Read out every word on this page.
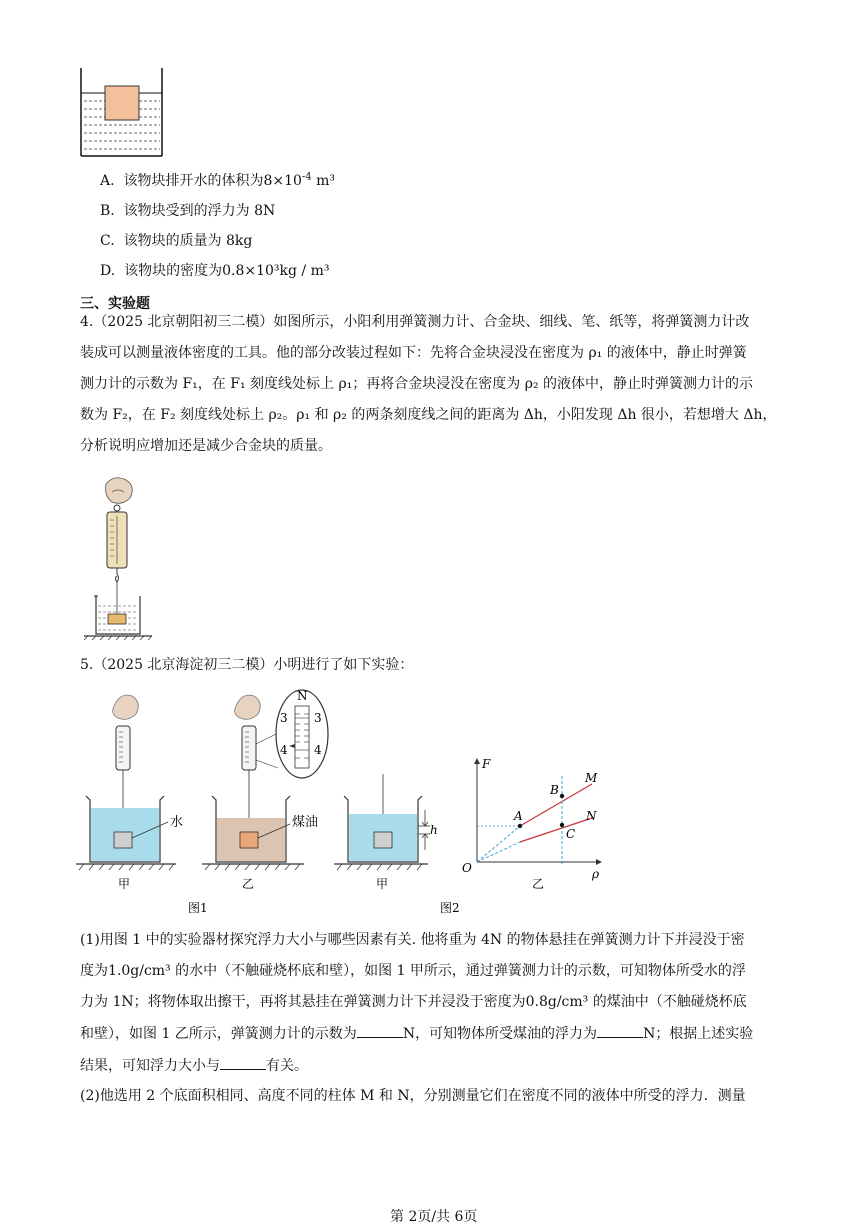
A. 该物块排开水的体积为$8\times 10^{-4}$ m³
B. 该物块受到的浮力为 8N
C. 该物块的质量为 8kg
D. 该物块的密度为0.8×10³kg / m³
三、实验题
4.（2025 北京朝阳初三二模）如图所示，小阳利用弹簧测力计、合金块、细线、笔、纸等，将弹簧测力计改
装成可以测量液体密度的工具。他的部分改装过程如下：先将合金块浸没在密度为 ρ₁ 的液体中，静止时弹簧
测力计的示数为 F₁，在 F₁ 刻度线处标上 ρ₁；再将合金块浸没在密度为 ρ₂ 的液体中，静止时弹簧测力计的示
数为 F₂，在 F₂ 刻度线处标上 ρ₂。ρ₁ 和 ρ₂ 的两条刻度线之间的距离为 Δh，小阳发现 Δh 很小，若想增大 Δh，
分析说明应增加还是减少合金块的质量。
5.（2025 北京海淀初三二模）小明进行了如下实验：
水
甲
N
3 3
4 4
煤油
乙
h
甲
图1
F
ρ
O
A
B
C
M
N
乙
图2
(1)用图 1 中的实验器材探究浮力大小与哪些因素有关. 他将重为 4N 的物体悬挂在弹簧测力计下并浸没于密
度为1.0g/cm³ 的水中（不触碰烧杯底和壁），如图 1 甲所示，通过弹簧测力计的示数，可知物体所受水的浮
力为 1N；将物体取出擦干，再将其悬挂在弹簧测力计下并浸没于密度为0.8g/cm³ 的煤油中（不触碰烧杯底
和壁），如图 1 乙所示，弹簧测力计的示数为	N，可知物体所受煤油的浮力为	N；根据上述实验
结果，可知浮力大小与	有关。
(2)他选用 2 个底面积相同、高度不同的柱体 M 和 N，分别测量它们在密度不同的液体中所受的浮力．测量
第 2页/共 6页
